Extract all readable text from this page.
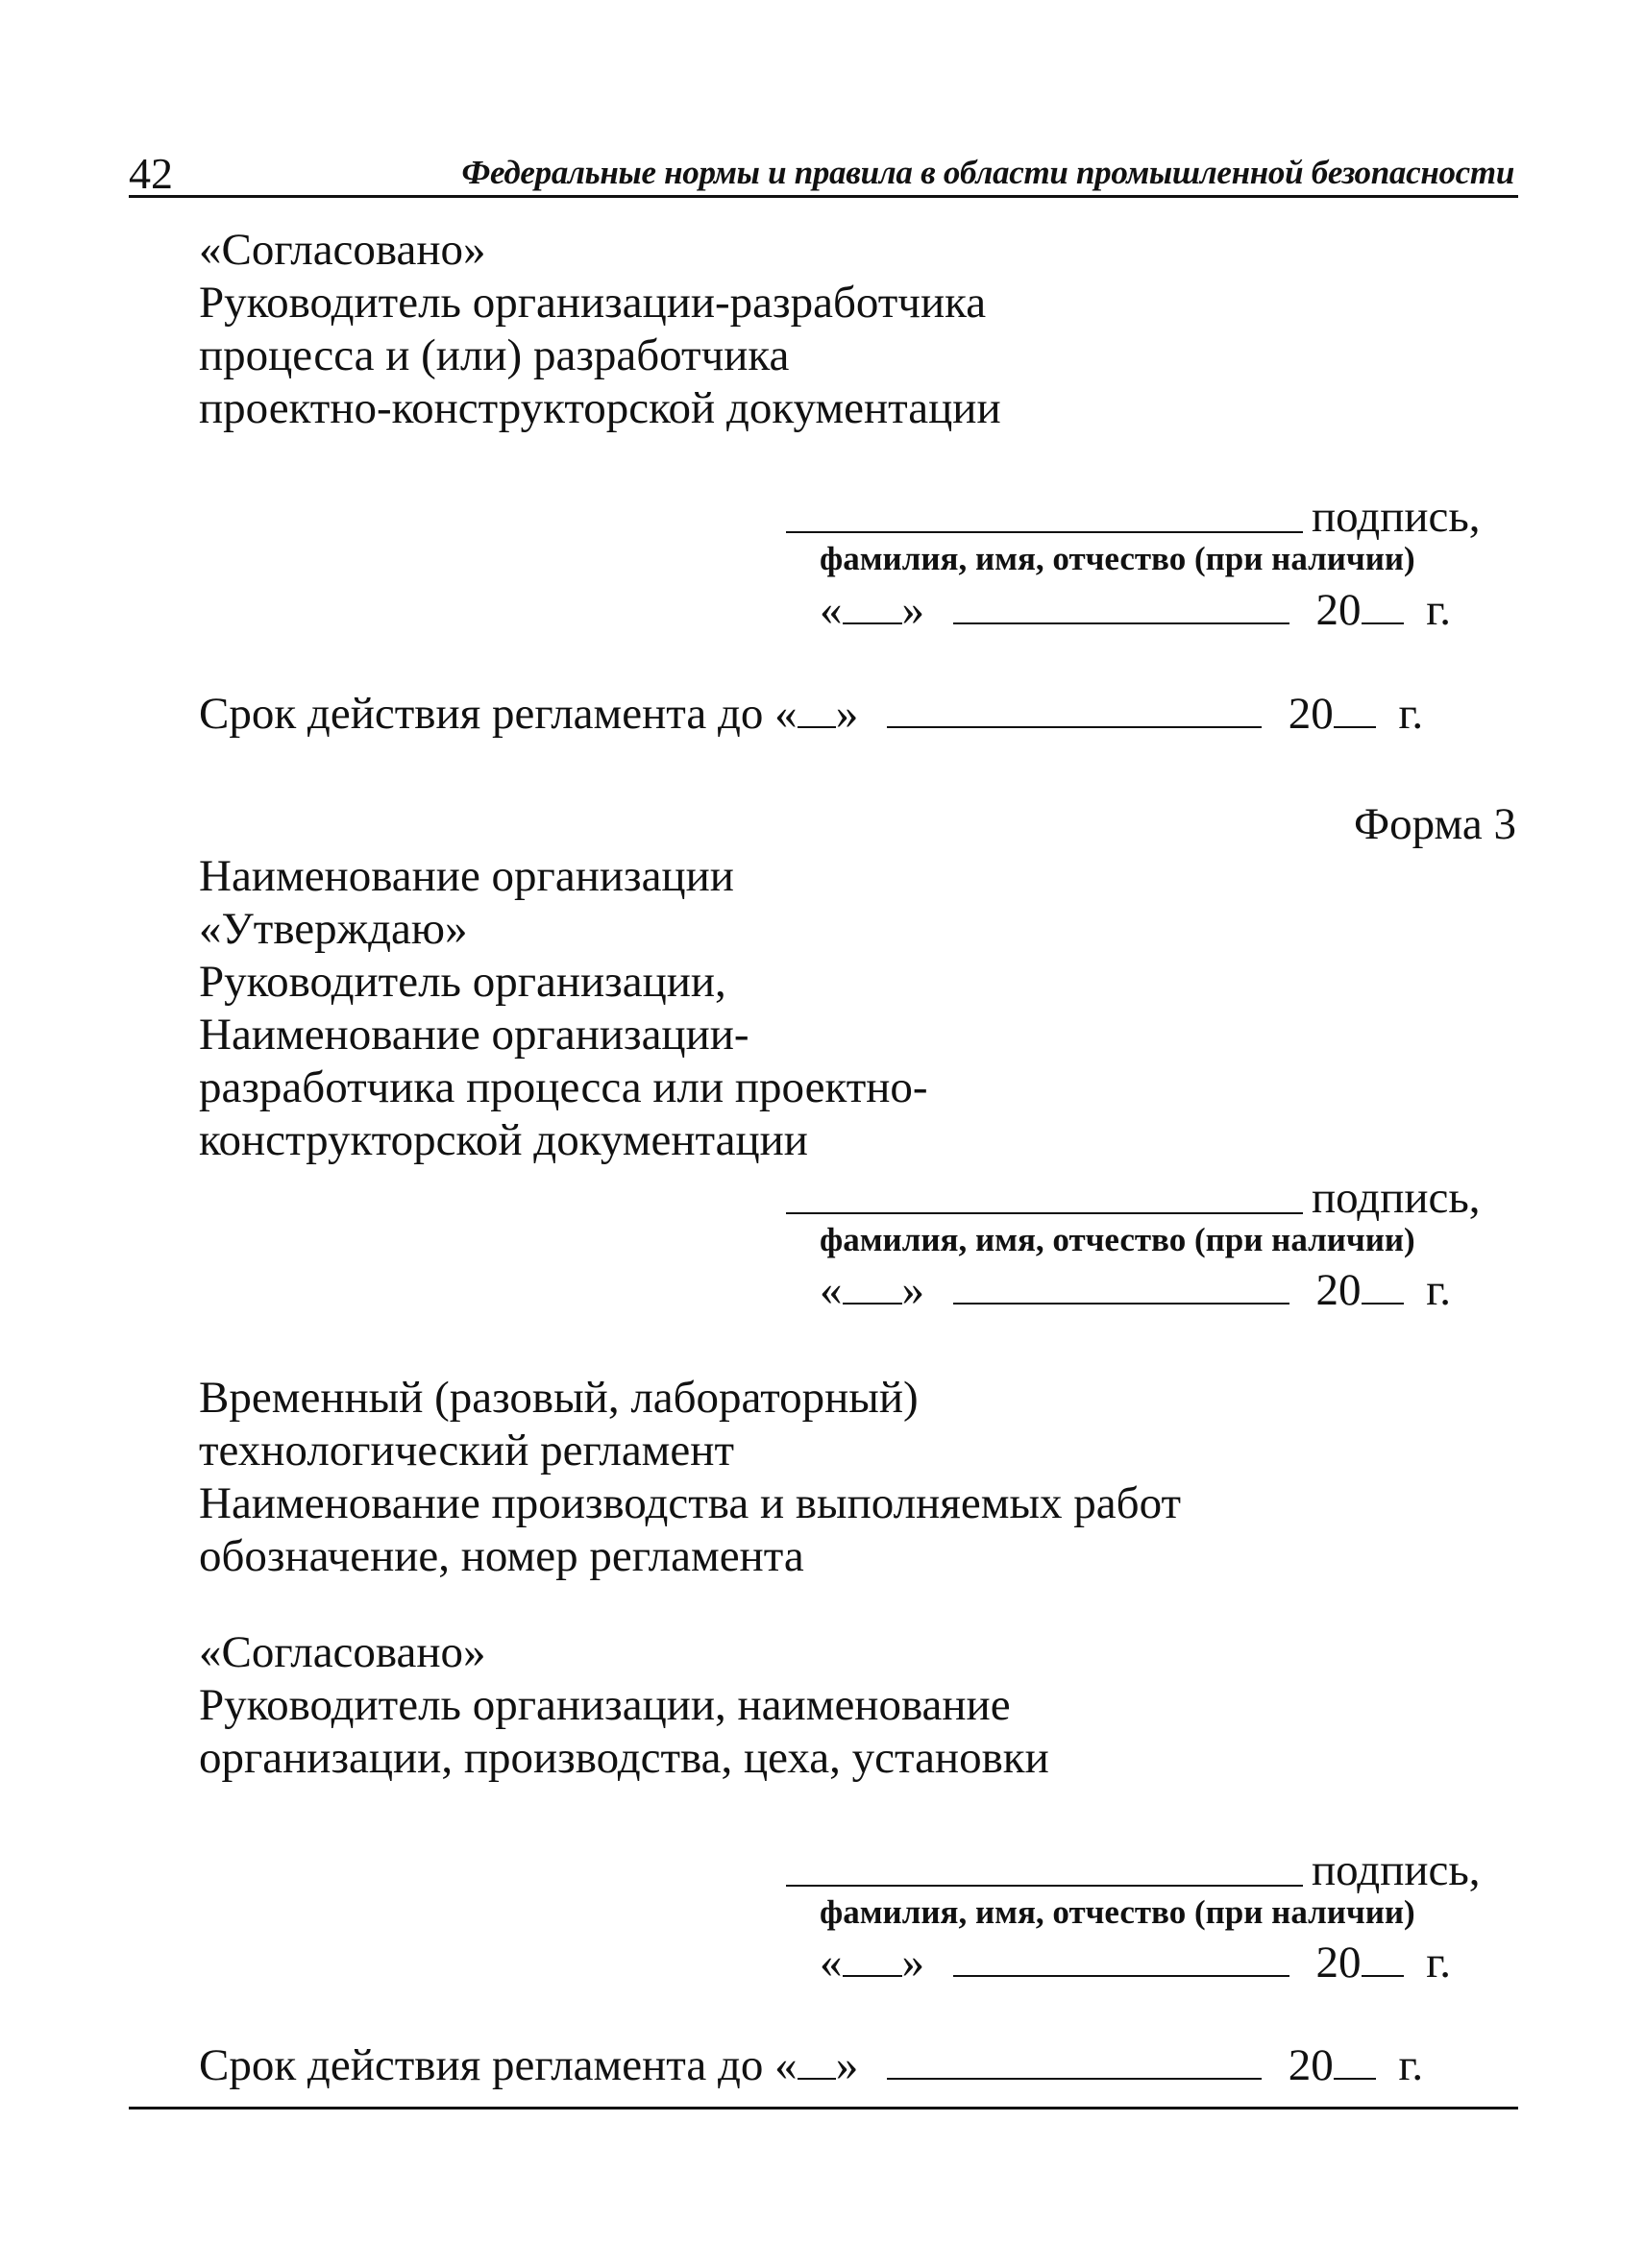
42	Федеральные нормы и правила в области промышленной безопасности
«Согласовано»
Руководитель организации-разработчика
процесса и (или) разработчика
проектно-конструкторской документации
подпись,
фамилия, имя, отчество (при наличии)
« »	20 г.
Срок действия регламента до « »	20 г.
Форма 3
Наименование организации
«Утверждаю»
Руководитель организации,
Наименование организации-
разработчика процесса или проектно-
конструкторской документации
подпись,
фамилия, имя, отчество (при наличии)
« »	20 г.
Временный (разовый, лабораторный)
технологический регламент
Наименование производства и выполняемых работ
обозначение, номер регламента
«Согласовано»
Руководитель организации, наименование
организации, производства, цеха, установки
подпись,
фамилия, имя, отчество (при наличии)
« »	20 г.
Срок действия регламента до « »	20 г.
